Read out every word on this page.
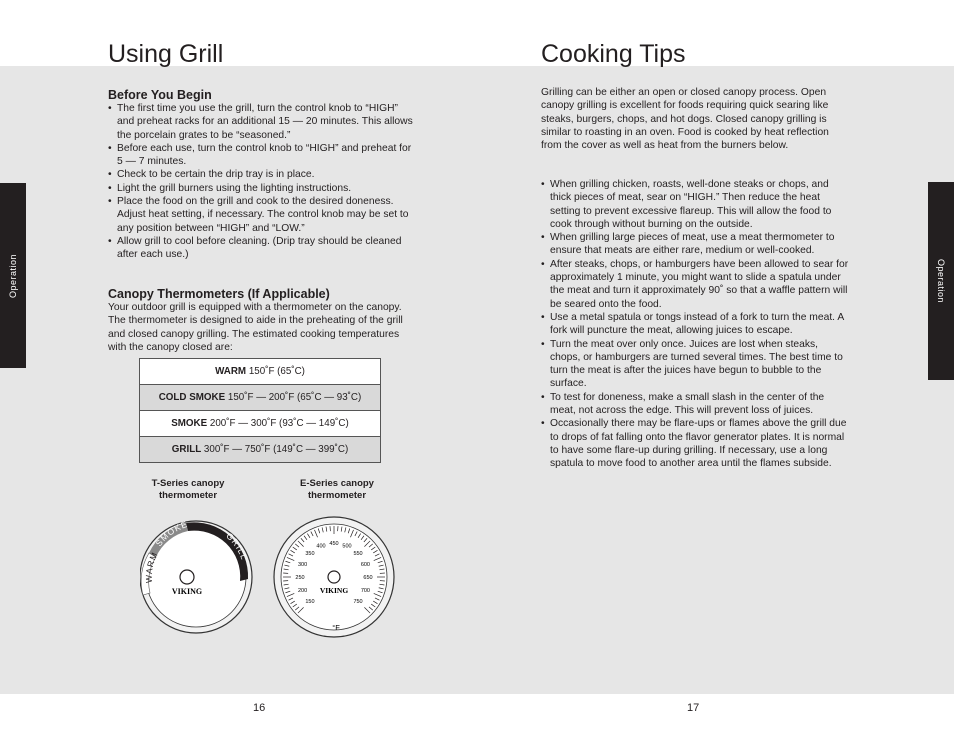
Using Grill	Cooking Tips
Operation	Operation
Before You Begin
• The first time you use the grill, turn the control knob to “HIGH” and preheat racks for an additional 15 — 20 minutes. This allows the porcelain grates to be “seasoned.”
• Before each use, turn the control knob to “HIGH” and preheat for 5 — 7 minutes.
• Check to be certain the drip tray is in place.
• Light the grill burners using the lighting instructions.
• Place the food on the grill and cook to the desired doneness. Adjust heat setting, if necessary. The control knob may be set to any position between “HIGH” and “LOW.”
• Allow grill to cool before cleaning. (Drip tray should be cleaned after each use.)
Canopy Thermometers (If Applicable)

Your outdoor grill is equipped with a thermometer on the canopy. The thermometer is designed to aide in the preheating of the grill and closed canopy grilling. The estimated cooking temperatures with the canopy closed are:

WARM 150˚F (65˚C)
COLD SMOKE 150˚F — 200˚F (65˚C — 93˚C)
SMOKE 200˚F — 300˚F (93˚C — 149˚C)
GRILL 300˚F — 750˚F (149˚C — 399˚C)
T-Series canopy
thermometer
E-Series canopy
thermometer
WARM
SMOKE
GRILL
VIKING
150
200
250
300
350
400 450 500
550
600
650
700
750
VIKING
°F
16

Grilling can be either an open or closed canopy process. Open canopy grilling is excellent for foods requiring quick searing like steaks, burgers, chops, and hot dogs. Closed canopy grilling is similar to roasting in an oven. Food is cooked by heat reflection from the cover as well as heat from the burners below.

• When grilling chicken, roasts, well-done steaks or chops, and thick pieces of meat, sear on “HIGH.” Then reduce the heat setting to prevent excessive flareup. This will allow the food to cook through without burning on the outside.
• When grilling large pieces of meat, use a meat thermometer to ensure that meats are either rare, medium or well-cooked.
• After steaks, chops, or hamburgers have been allowed to sear for approximately 1 minute, you might want to slide a spatula under the meat and turn it approximately 90˚ so that a waffle pattern will be seared onto the food.
• Use a metal spatula or tongs instead of a fork to turn the meat. A fork will puncture the meat, allowing juices to escape.
• Turn the meat over only once. Juices are lost when steaks, chops, or hamburgers are turned several times. The best time to turn the meat is after the juices have begun to bubble to the surface.
• To test for doneness, make a small slash in the center of the meat, not across the edge. This will prevent loss of juices.
• Occasionally there may be flare-ups or flames above the grill due to drops of fat falling onto the flavor generator plates. It is normal to have some flare-up during grilling. If necessary, use a long spatula to move food to another area until the flames subside.
17
